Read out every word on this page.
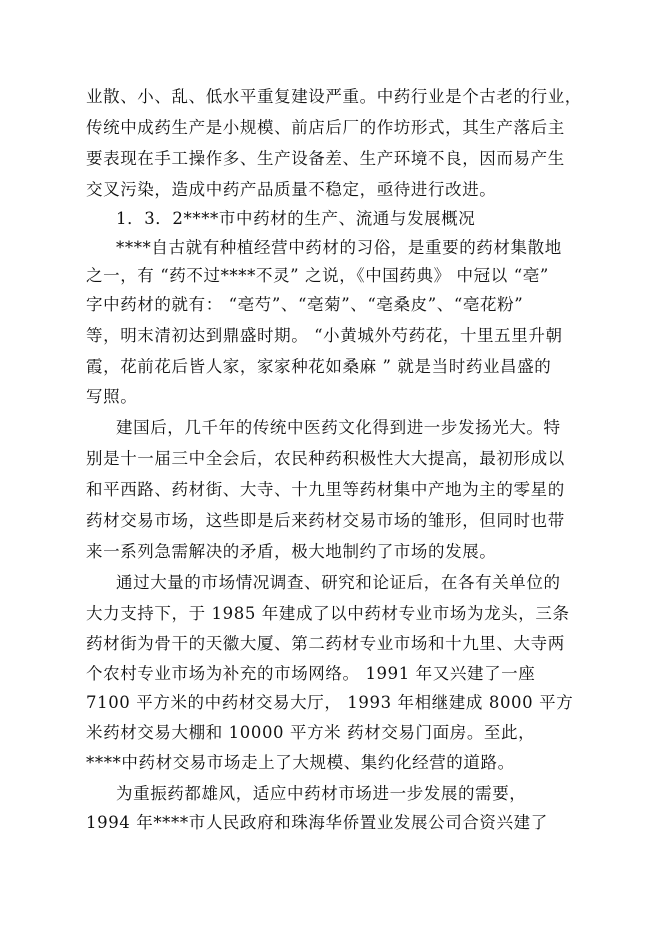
业散、小、乱、低水平重复建设严重。中药行业是个古老的行业，
传统中成药生产是小规模、前店后厂的作坊形式，其生产落后主
要表现在手工操作多、生产设备差、生产环境不良，因而易产生
交叉污染，造成中药产品质量不稳定，亟待进行改进。
1．3．2****市中药材的生产、流通与发展概况
****自古就有种植经营中药材的习俗，是重要的药材集散地
之一，有 “药不过****不灵” 之说，《中国药典》 中冠以 “亳”
字中药材的就有： “亳芍”、“亳菊”、“亳桑皮”、“亳花粉”
等，明末清初达到鼎盛时期。 “小黄城外芍药花，十里五里升朝
霞，花前花后皆人家，家家种花如桑麻 ” 就是当时药业昌盛的
写照。
建国后，几千年的传统中医药文化得到进一步发扬光大。特
别是十一届三中全会后，农民种药积极性大大提高，最初形成以
和平西路、药材街、大寺、十九里等药材集中产地为主的零星的
药材交易市场，这些即是后来药材交易市场的雏形，但同时也带
来一系列急需解决的矛盾，极大地制约了市场的发展。
通过大量的市场情况调查、研究和论证后，在各有关单位的
大力支持下，于 1985 年建成了以中药材专业市场为龙头，三条
药材街为骨干的天徽大厦、第二药材专业市场和十九里、大寺两
个农村专业市场为补充的市场网络。 1991 年又兴建了一座
7100 平方米的中药材交易大厅， 1993 年相继建成 8000 平方
米药材交易大棚和 10000 平方米 药材交易门面房。至此，
****中药材交易市场走上了大规模、集约化经营的道路。
为重振药都雄风，适应中药材市场进一步发展的需要，
1994 年****市人民政府和珠海华侨置业发展公司合资兴建了
